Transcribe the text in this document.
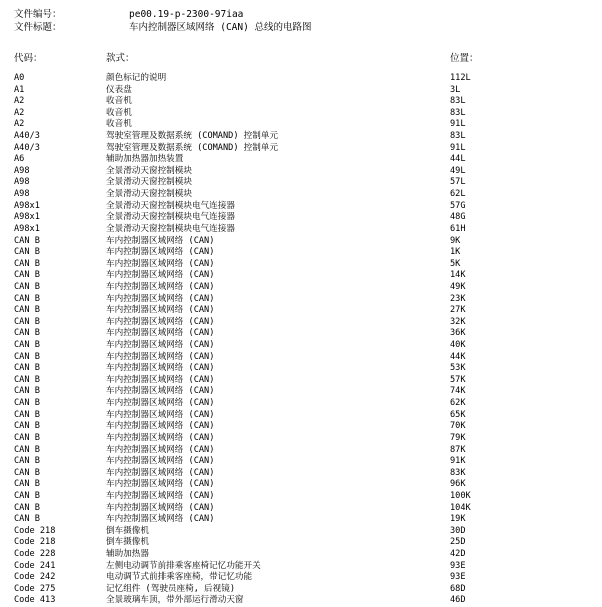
文件编号：	pe00.19-p-2300-97iaa
文件标题：	车内控制器区域网络 (CAN) 总线的电路图
代码：	款式：	位置：
A0	颜色标记的说明	112L
A1	仪表盘	3L
A2	收音机	83L
A2	收音机	83L
A2	收音机	91L
A40/3	驾驶室管理及数据系统 (COMAND) 控制单元	83L
A40/3	驾驶室管理及数据系统 (COMAND) 控制单元	91L
A6	辅助加热器加热装置	44L
A98	全景滑动天窗控制模块	49L
A98	全景滑动天窗控制模块	57L
A98	全景滑动天窗控制模块	62L
A98x1	全景滑动天窗控制模块电气连接器	57G
A98x1	全景滑动天窗控制模块电气连接器	48G
A98x1	全景滑动天窗控制模块电气连接器	61H
CAN B	车内控制器区域网络 (CAN)	9K
CAN B	车内控制器区域网络 (CAN)	1K
CAN B	车内控制器区域网络 (CAN)	5K
CAN B	车内控制器区域网络 (CAN)	14K
CAN B	车内控制器区域网络 (CAN)	49K
CAN B	车内控制器区域网络 (CAN)	23K
CAN B	车内控制器区域网络 (CAN)	27K
CAN B	车内控制器区域网络 (CAN)	32K
CAN B	车内控制器区域网络 (CAN)	36K
CAN B	车内控制器区域网络 (CAN)	40K
CAN B	车内控制器区域网络 (CAN)	44K
CAN B	车内控制器区域网络 (CAN)	53K
CAN B	车内控制器区域网络 (CAN)	57K
CAN B	车内控制器区域网络 (CAN)	74K
CAN B	车内控制器区域网络 (CAN)	62K
CAN B	车内控制器区域网络 (CAN)	65K
CAN B	车内控制器区域网络 (CAN)	70K
CAN B	车内控制器区域网络 (CAN)	79K
CAN B	车内控制器区域网络 (CAN)	87K
CAN B	车内控制器区域网络 (CAN)	91K
CAN B	车内控制器区域网络 (CAN)	83K
CAN B	车内控制器区域网络 (CAN)	96K
CAN B	车内控制器区域网络 (CAN)	100K
CAN B	车内控制器区域网络 (CAN)	104K
CAN B	车内控制器区域网络 (CAN)	19K
Code 218	倒车摄像机	30D
Code 218	倒车摄像机	25D
Code 228	辅助加热器	42D
Code 241	左侧电动调节前排乘客座椅记忆功能开关	93E
Code 242	电动调节式前排乘客座椅，带记忆功能	93E
Code 275	记忆组件 (驾驶员座椅, 后视镜)	68D
Code 413	全景玻璃车顶，带外部运行滑动天窗	46D
